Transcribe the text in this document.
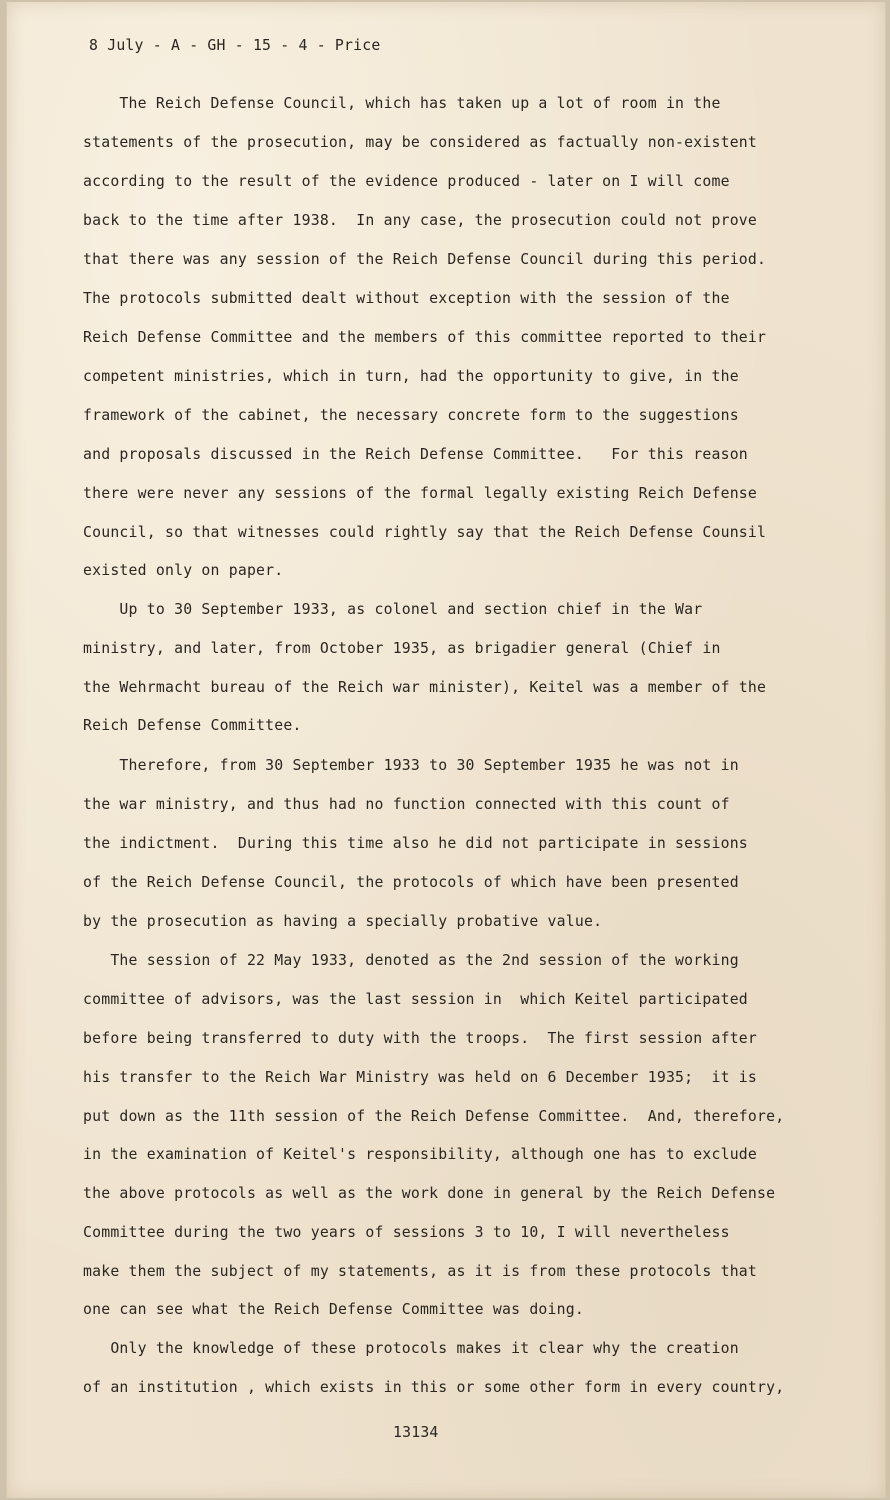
8 July - A - GH - 15 - 4 - Price
The Reich Defense Council, which has taken up a lot of room in the
statements of the prosecution, may be considered as factually non-existent
according to the result of the evidence produced - later on I will come
back to the time after 1938.  In any case, the prosecution could not prove
that there was any session of the Reich Defense Council during this period.
The protocols submitted dealt without exception with the session of the
Reich Defense Committee and the members of this committee reported to their
competent ministries, which in turn, had the opportunity to give, in the
framework of the cabinet, the necessary concrete form to the suggestions
and proposals discussed in the Reich Defense Committee.   For this reason
there were never any sessions of the formal legally existing Reich Defense
Council, so that witnesses could rightly say that the Reich Defense Counsil
existed only on paper.
Up to 30 September 1933, as colonel and section chief in the War
ministry, and later, from October 1935, as brigadier general (Chief in
the Wehrmacht bureau of the Reich war minister), Keitel was a member of the
Reich Defense Committee.
Therefore, from 30 September 1933 to 30 September 1935 he was not in
the war ministry, and thus had no function connected with this count of
the indictment.  During this time also he did not participate in sessions
of the Reich Defense Council, the protocols of which have been presented
by the prosecution as having a specially probative value.
The session of 22 May 1933, denoted as the 2nd session of the working
committee of advisors, was the last session in  which Keitel participated
before being transferred to duty with the troops.  The first session after
his transfer to the Reich War Ministry was held on 6 December 1935;  it is
put down as the 11th session of the Reich Defense Committee.  And, therefore,
in the examination of Keitel's responsibility, although one has to exclude
the above protocols as well as the work done in general by the Reich Defense
Committee during the two years of sessions 3 to 10, I will nevertheless
make them the subject of my statements, as it is from these protocols that
one can see what the Reich Defense Committee was doing.
Only the knowledge of these protocols makes it clear why the creation
of an institution , which exists in this or some other form in every country,
13134
